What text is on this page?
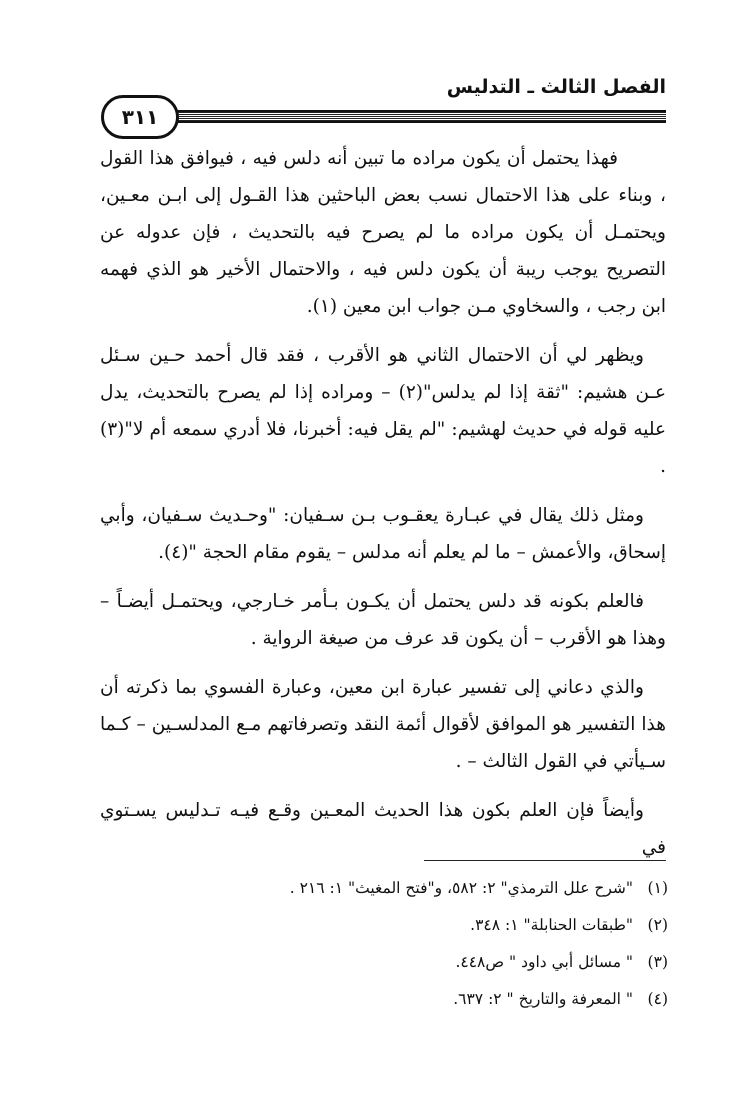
الفصل الثالث ـ التدليس
٣١١

فهذا يحتمل أن يكون مراده ما تبين أنه دلس فيه ، فيوافق هذا القول ، وبناء على هذا الاحتمال نسب بعض الباحثين هذا القـول إلى ابـن معـين، ويحتمـل أن يكون مراده ما لم يصرح فيه بالتحديث ، فإن عدوله عن التصريح يوجب ريبة أن يكون دلس فيه ، والاحتمال الأخير هو الذي فهمه ابن رجب ، والسخاوي مـن جواب ابن معين (١).

ويظهر لي أن الاحتمال الثاني هو الأقرب ، فقد قال أحمد حـين سـئل عـن هشيم: "ثقة إذا لم يدلس"(٢) – ومراده إذا لم يصرح بالتحديث، يدل عليه قوله في حديث لهشيم: "لم يقل فيه: أخبرنا، فلا أدري سمعه أم لا"(٣) .

ومثل ذلك يقال في عبـارة يعقـوب بـن سـفيان: "وحـديث سـفيان، وأبي إسحاق، والأعمش – ما لم يعلم أنه مدلس – يقوم مقام الحجة "(٤).

فالعلم بكونه قد دلس يحتمل أن يكـون بـأمر خـارجي، ويحتمـل أيضـاً – وهذا هو الأقرب – أن يكون قد عرف من صيغة الرواية .

والذي دعاني إلى تفسير عبارة ابن معين، وعبارة الفسوي بما ذكرته أن هذا التفسير هو الموافق لأقوال أئمة النقد وتصرفاتهم مـع المدلسـين – كـما سـيأتي في القول الثالث – .

وأيضاً فإن العلم بكون هذا الحديث المعـين وقـع فيـه تـدليس يسـتوي في

(١) "شرح علل الترمذي" ٢: ٥٨٢، و"فتح المغيث" ١: ٢١٦ .
(٢) "طبقات الحنابلة" ١: ٣٤٨.
(٣) " مسائل أبي داود " ص٤٤٨.
(٤) " المعرفة والتاريخ " ٢: ٦٣٧.
